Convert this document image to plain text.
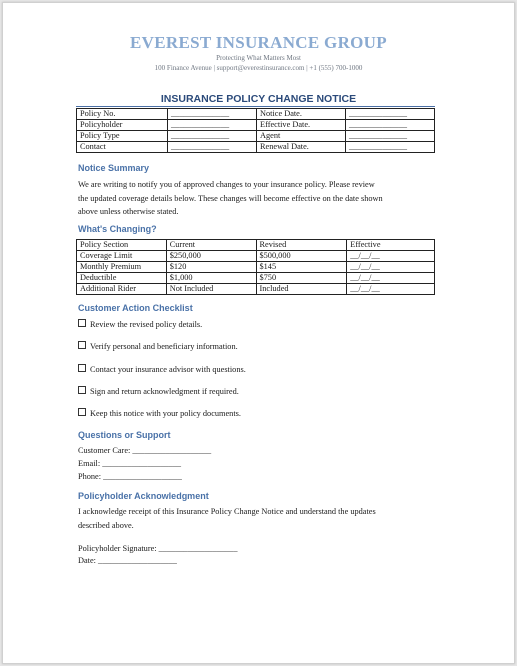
EVEREST INSURANCE GROUP
Protecting What Matters Most
100 Finance Avenue | support@everestinsurance.com | +1 (555) 700-1000
INSURANCE POLICY CHANGE NOTICE
Policy No.	______________	Notice Date.	______________
Policyholder	______________	Effective Date.	______________
Policy Type	______________	Agent	______________
Contact	______________	Renewal Date.	______________
Notice Summary
We are writing to notify you of approved changes to your insurance policy. Please review
the updated coverage details below. These changes will become effective on the date shown
above unless otherwise stated.
What's Changing?
Policy Section	Current	Revised	Effective
Coverage Limit	$250,000	$500,000	__/__/__
Monthly Premium	$120	$145	__/__/__
Deductible	$1,000	$750	__/__/__
Additional Rider	Not Included	Included	__/__/__
Customer Action Checklist
Review the revised policy details.
Verify personal and beneficiary information.
Contact your insurance advisor with questions.
Sign and return acknowledgment if required.
Keep this notice with your policy documents.
Questions or Support
Customer Care: ___________________
Email: ___________________
Phone: ___________________
Policyholder Acknowledgment
I acknowledge receipt of this Insurance Policy Change Notice and understand the updates
described above.
Policyholder Signature: ___________________
Date: ___________________
